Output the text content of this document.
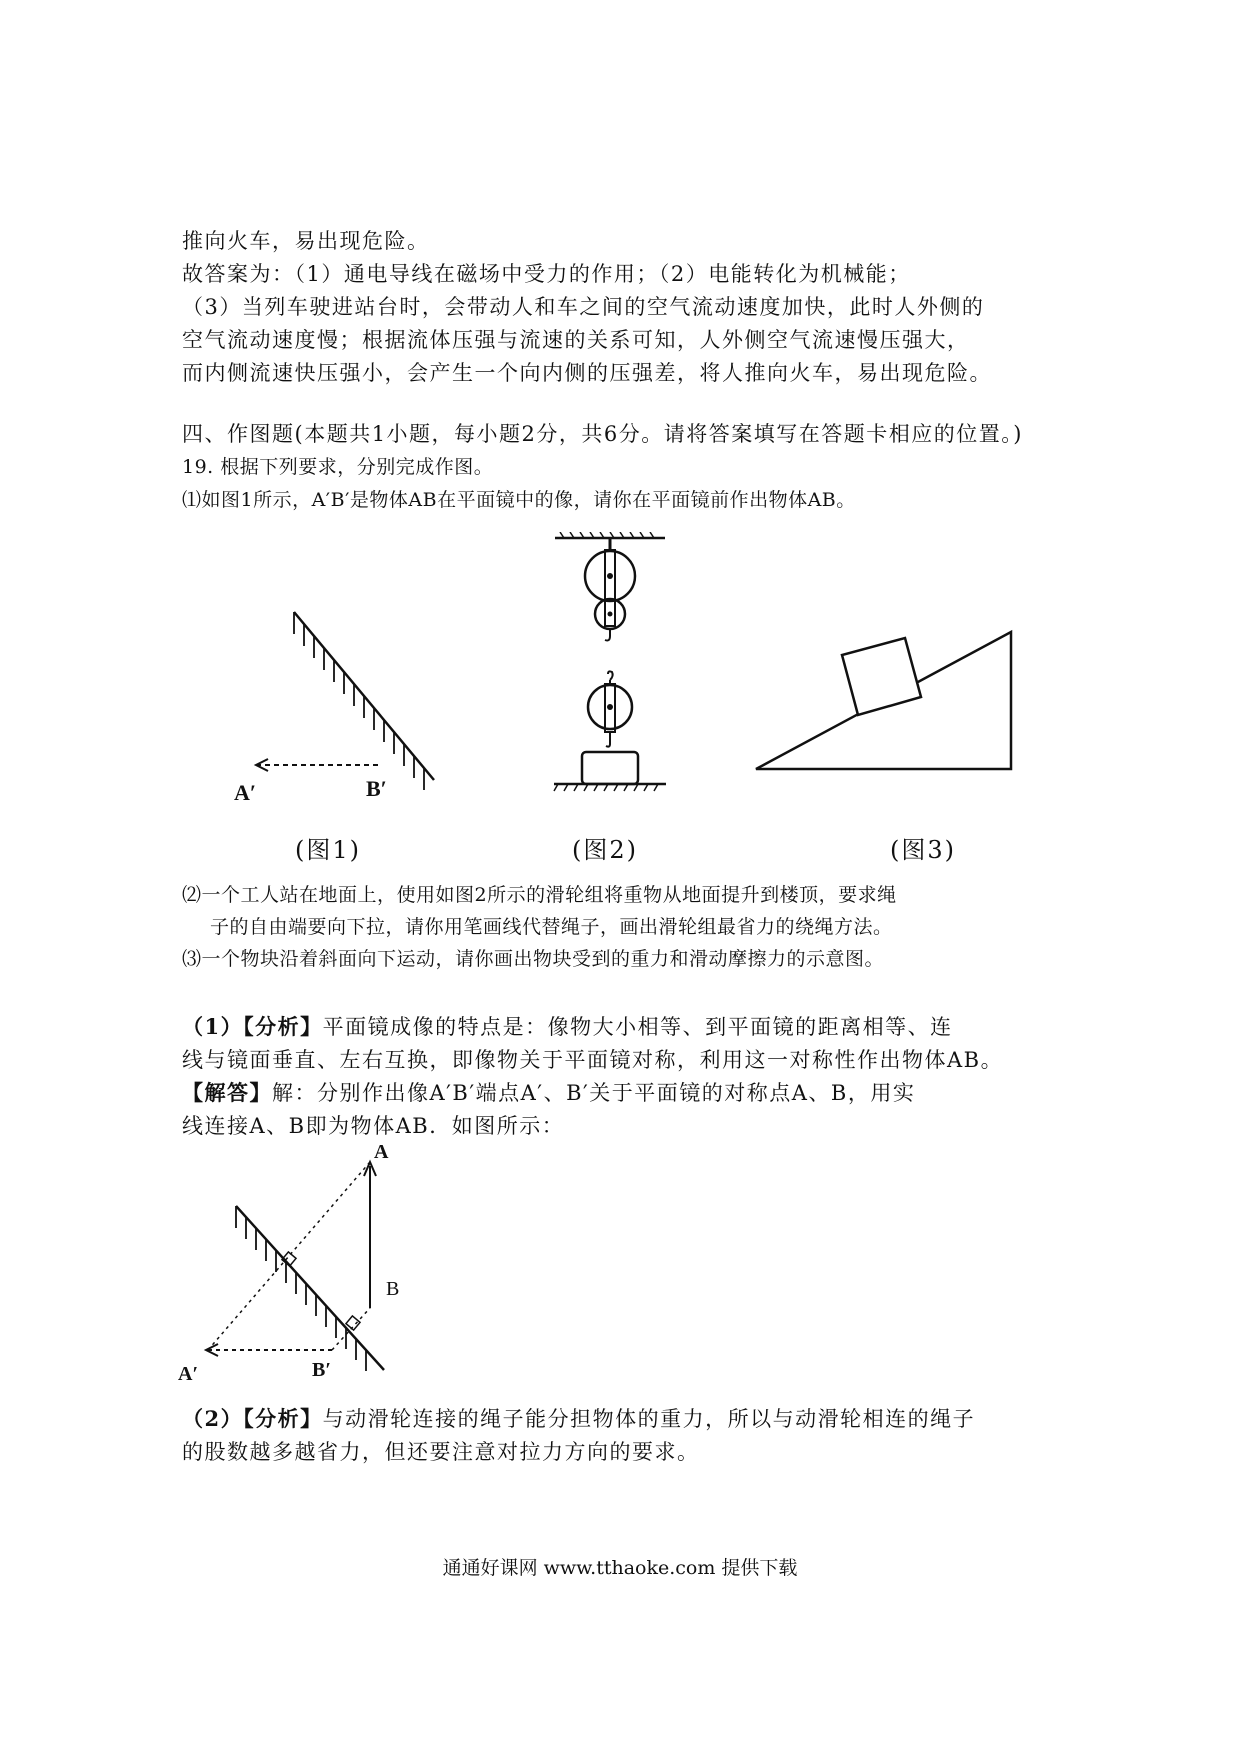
推向火车，易出现危险。
故答案为：（1）通电导线在磁场中受力的作用；（2）电能转化为机械能；
（3）当列车驶进站台时，会带动人和车之间的空气流动速度加快，此时人外侧的
空气流动速度慢；根据流体压强与流速的关系可知，人外侧空气流速慢压强大，
而内侧流速快压强小，会产生一个向内侧的压强差，将人推向火车，易出现危险。
四、作图题(本题共1小题，每小题2分，共6分。请将答案填写在答题卡相应的位置。)
19. 根据下列要求，分别完成作图。
⑴如图1所示，A′B′是物体AB在平面镜中的像，请你在平面镜前作出物体AB。
A′	B′
(图1)	(图2)	(图3)
⑵一个工人站在地面上，使用如图2所示的滑轮组将重物从地面提升到楼顶，要求绳
子的自由端要向下拉，请你用笔画线代替绳子，画出滑轮组最省力的绕绳方法。
⑶一个物块沿着斜面向下运动，请你画出物块受到的重力和滑动摩擦力的示意图。
（1）【分析】平面镜成像的特点是：像物大小相等、到平面镜的距离相等、连
线与镜面垂直、左右互换，即像物关于平面镜对称，利用这一对称性作出物体AB。
【解答】解：分别作出像A′B′端点A′、B′关于平面镜的对称点A、B，用实
线连接A、B即为物体AB．如图所示：
A
B
A′	B′
（2）【分析】与动滑轮连接的绳子能分担物体的重力，所以与动滑轮相连的绳子
的股数越多越省力，但还要注意对拉力方向的要求。
通通好课网 www.tthaoke.com 提供下载
